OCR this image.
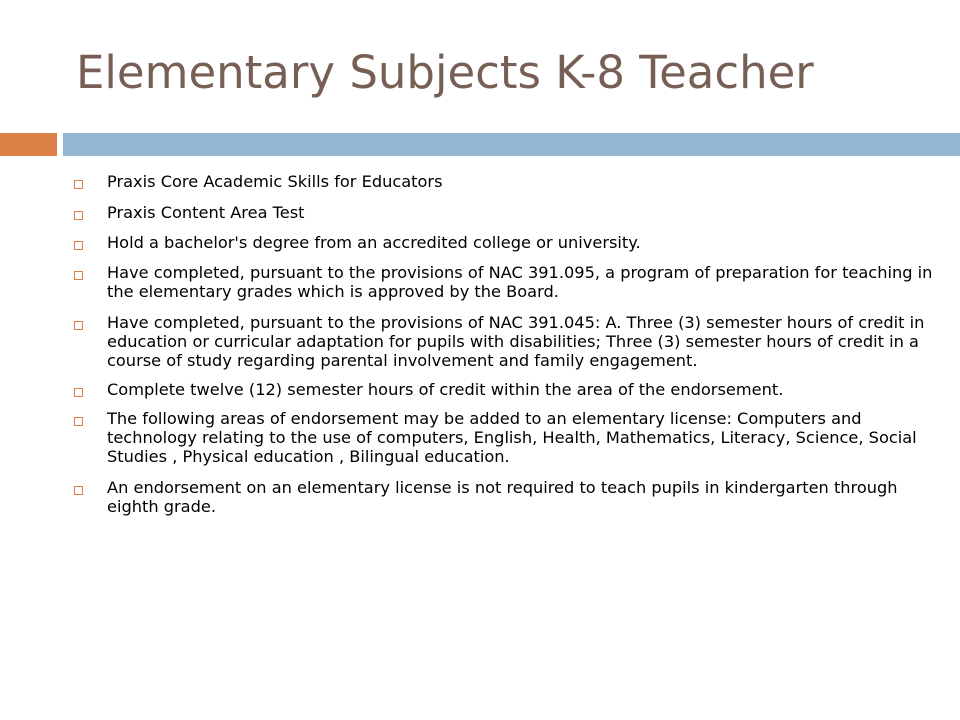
Elementary Subjects K-8 Teacher
Praxis Core Academic Skills for Educators
Praxis Content Area Test
Hold a bachelor's degree from an accredited college or university.
Have completed, pursuant to the provisions of NAC 391.095, a program of preparation for teaching in the elementary grades which is approved by the Board.
Have completed, pursuant to the provisions of NAC 391.045: A. Three (3) semester hours of credit in education or curricular adaptation for pupils with disabilities; Three (3) semester hours of credit in a course of study regarding parental involvement and family engagement.
Complete twelve (12) semester hours of credit within the area of the endorsement.
The following areas of endorsement may be added to an elementary license: Computers and technology relating to the use of computers, English, Health, Mathematics, Literacy, Science, Social Studies , Physical education , Bilingual education.
An endorsement on an elementary license is not required to teach pupils in kindergarten through eighth grade.
